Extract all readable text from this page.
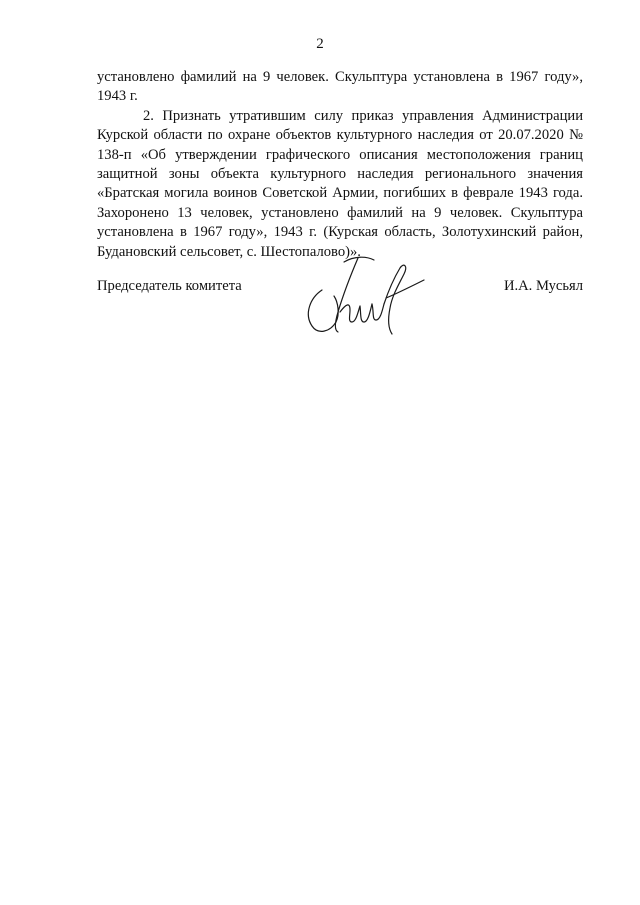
2

установлено фамилий на 9 человек. Скульптура установлена в 1967 году», 1943 г.

2. Признать утратившим силу приказ управления Администрации Курской области по охране объектов культурного наследия от 20.07.2020 № 138-п «Об утверждении графического описания местоположения границ защитной зоны объекта культурного наследия регионального значения «Братская могила воинов Советской Армии, погибших в феврале 1943 года. Захоронено 13 человек, установлено фамилий на 9 человек. Скульптура установлена в 1967 году», 1943 г. (Курская область, Золотухинский район, Будановский сельсовет, с. Шестопалово)».

Председатель комитета	И.А. Мусьял
